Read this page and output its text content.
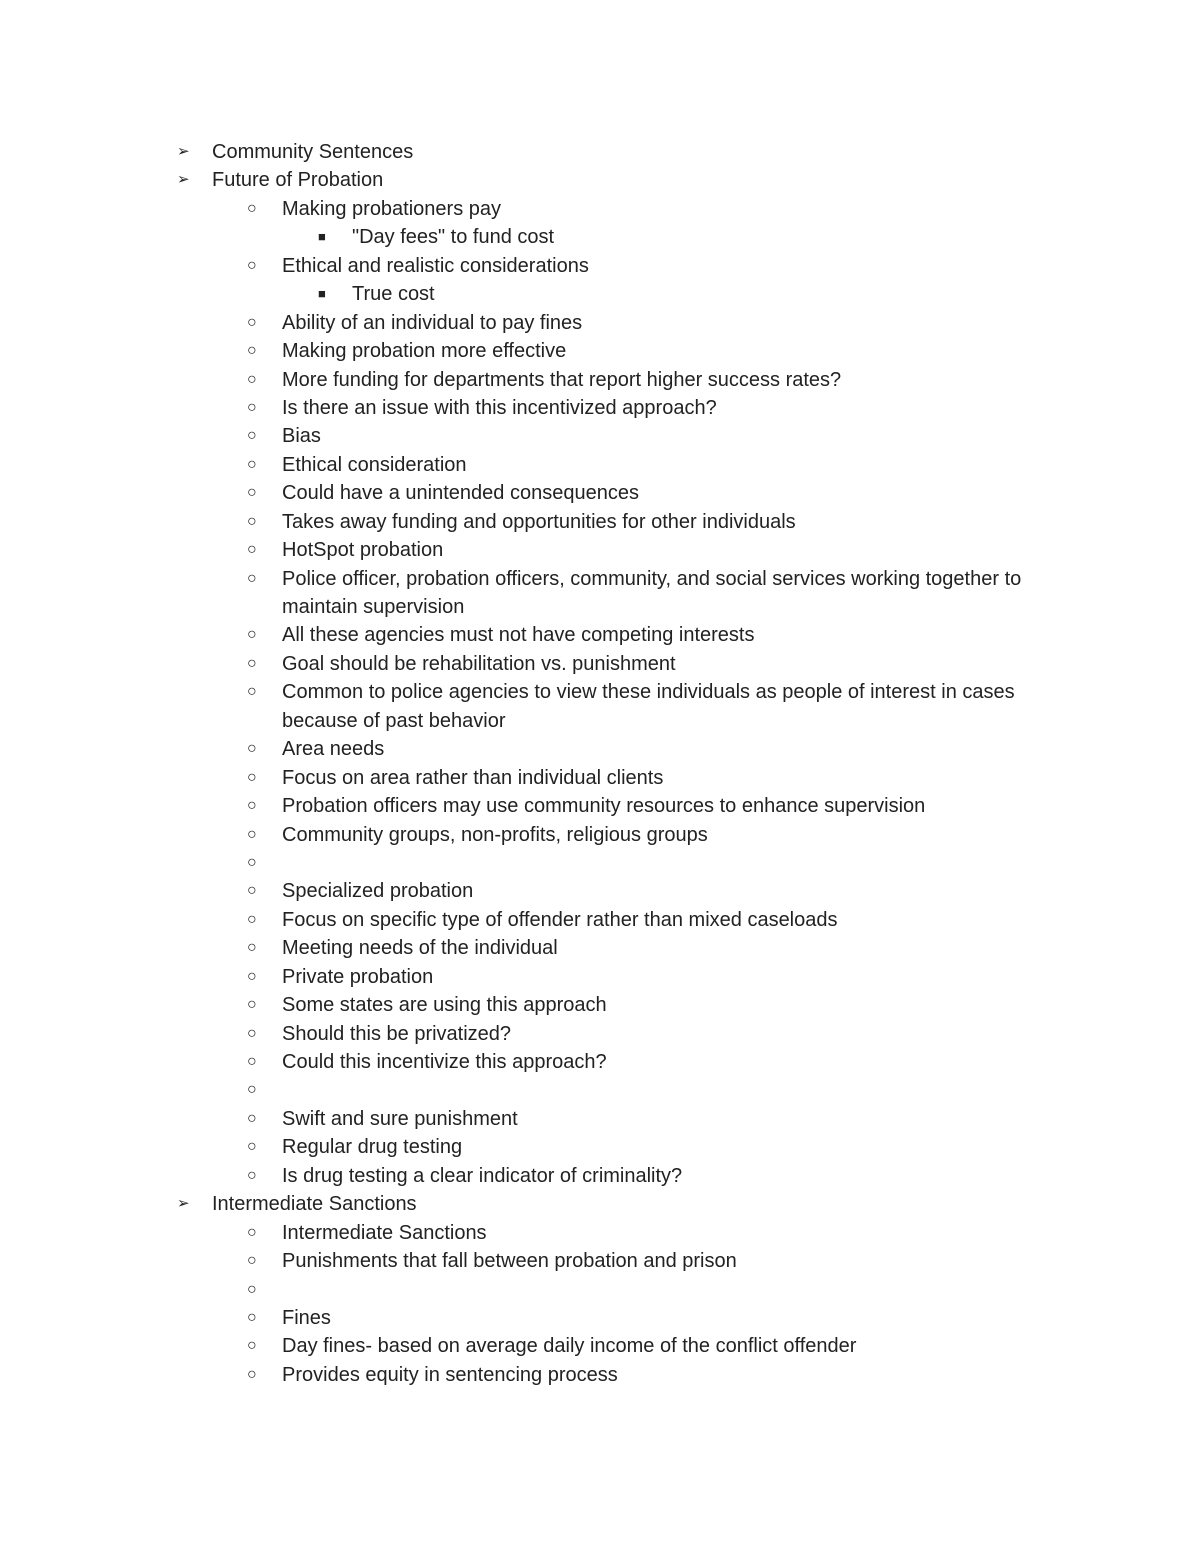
➢ Community Sentences
➢ Future of Probation
○ Making probationers pay
■ "Day fees" to fund cost
○ Ethical and realistic considerations
■ True cost
○ Ability of an individual to pay fines
○ Making probation more effective
○ More funding for departments that report higher success rates?
○ Is there an issue with this incentivized approach?
○ Bias
○ Ethical consideration
○ Could have a unintended consequences
○ Takes away funding and opportunities for other individuals
○ HotSpot probation
○ Police officer, probation officers, community, and social services working together to maintain supervision
○ All these agencies must not have competing interests
○ Goal should be rehabilitation vs. punishment
○ Common to police agencies to view these individuals as people of interest in cases because of past behavior
○ Area needs
○ Focus on area rather than individual clients
○ Probation officers may use community resources to enhance supervision
○ Community groups, non-profits, religious groups
○
○ Specialized probation
○ Focus on specific type of offender rather than mixed caseloads
○ Meeting needs of the individual
○ Private probation
○ Some states are using this approach
○ Should this be privatized?
○ Could this incentivize this approach?
○
○ Swift and sure punishment
○ Regular drug testing
○ Is drug testing a clear indicator of criminality?
➢ Intermediate Sanctions
○ Intermediate Sanctions
○ Punishments that fall between probation and prison
○
○ Fines
○ Day fines- based on average daily income of the conflict offender
○ Provides equity in sentencing process
